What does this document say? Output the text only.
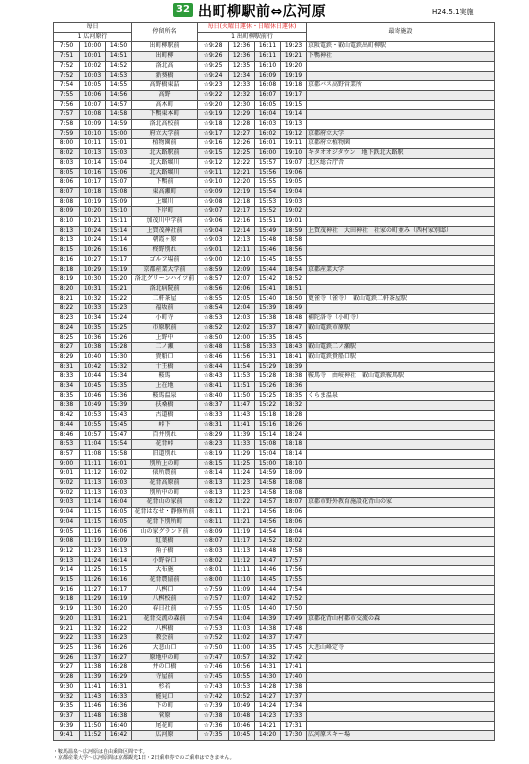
32 出町柳駅前⇔広河原	H24.5.1実施
毎日			停留所名	毎日(火曜日運休・日曜休日運休)				最寄施設
1 広河原行				1 出町柳駅前行				
7:50	10:00	14:50	出町柳駅前	☆9:28	12:36	16:11	19:23	京阪電鉄・叡山電鉄出町柳駅
7:51	10:01	14:51	出町柳	☆9:26	12:36	16:11	19:21	下鴨神社
7:52	10:02	14:52	洛北高	☆9:25	12:35	16:10	19:20	
7:52	10:03	14:53	新葵橋	☆9:24	12:34	16:09	19:19	
7:54	10:05	14:55	高野橋東詰	☆9:23	12:33	16:08	19:18	京都バス高野営業所
7:55	10:06	14:56	高野	☆9:22	12:32	16:07	19:17	
7:56	10:07	14:57	高木町	☆9:20	12:30	16:05	19:15	
7:57	10:08	14:58	下鴨東本町	☆9:19	12:29	16:04	19:14	
7:58	10:09	14:59	洛北高校前	☆9:18	12:28	16:03	19:13	
7:59	10:10	15:00	府立大学前	☆9:17	12:27	16:02	19:12	京都府立大学
8:00	10:11	15:01	植物園前	☆9:16	12:26	16:01	19:11	京都府立植物園
8:02	10:13	15:03	北大路駅前	☆9:15	12:25	16:00	19:10	キタオオジタウン　地下鉄北大路駅
8:03	10:14	15:04	北大路堀川	☆9:12	12:22	15:57	19:07	北区総合庁舎
8:05	10:16	15:06	北大路堀川	☆9:11	12:21	15:56	19:06	
8:06	10:17	15:07	下鴨前	☆9:10	12:20	15:55	19:05	
8:07	10:18	15:08	東高瀬町	☆9:09	12:19	15:54	19:04	
8:08	10:19	15:09	上堀川	☆9:08	12:18	15:53	19:03	
8:09	10:20	15:10	下岸町	☆9:07	12:17	15:52	19:02	
8:10	10:21	15:11	加茂川中学前	☆9:06	12:16	15:51	19:01	
8:13	10:24	15:14	上賀茂神社前	☆9:04	12:14	15:49	18:59	上賀茂神社　大田神社　社家の町並み（西村家別邸）
8:13	10:24	15:14	朝霞ヶ原	☆9:03	12:13	15:48	18:58	
8:15	10:26	15:16	柊野別れ	☆9:01	12:11	15:46	18:56	
8:16	10:27	15:17	ゴルフ場前	☆9:00	12:10	15:45	18:55	
8:18	10:29	15:19	京都産業大学前	☆8:59	12:09	15:44	18:54	京都産業大学
8:19	10:30	15:20	洛北グリーンハイツ前	☆8:57	12:07	15:42	18:52	
8:20	10:31	15:21	洛北病院前	☆8:56	12:06	15:41	18:51	
8:21	10:32	15:22	二軒茶屋	☆8:55	12:05	15:40	18:50	更雀寺（雀寺）　叡山電鉄二軒茶屋駅
8:22	10:33	15:23	福坂前	☆8:54	12:04	15:39	18:49	
8:23	10:34	15:24	小町寺	☆8:53	12:03	15:38	18:48	補陀洛寺（小町寺）
8:24	10:35	15:25	市原駅前	☆8:52	12:02	15:37	18:47	叡山電鉄市原駅
8:25	10:36	15:26	上野中	☆8:50	12:00	15:35	18:45	
8:27	10:38	15:28	二ノ瀬	☆8:48	11:58	15:33	18:43	叡山電鉄二ノ瀬駅
8:29	10:40	15:30	貴船口	☆8:46	11:56	15:31	18:41	叡山電鉄貴船口駅
8:31	10:42	15:32	十王橋	☆8:44	11:54	15:29	18:39	
8:33	10:44	15:34	鞍馬	☆8:43	11:53	15:28	18:38	鞍馬寺　由岐神社　叡山電鉄鞍馬駅
8:34	10:45	15:35	上在地	☆8:41	11:51	15:26	18:36	
8:35	10:46	15:36	鞍馬温泉	☆8:40	11:50	15:25	18:35	くらま温泉
8:38	10:49	15:39	扶桑橋	☆8:37	11:47	15:22	18:32	
8:42	10:53	15:43	古道橋	☆8:33	11:43	15:18	18:28	
8:44	10:55	15:45	峠下	☆8:31	11:41	15:16	18:26	
8:46	10:57	15:47	百井別れ	☆8:29	11:39	15:14	18:24	
8:53	11:04	15:54	花背峠	☆8:23	11:33	15:08	18:18	
8:57	11:08	15:58	旧道別れ	☆8:19	11:29	15:04	18:14	
9:00	11:11	16:01	別所上の町	☆8:15	11:25	15:00	18:10	
9:01	11:12	16:02	俵所農前	☆8:14	11:24	14:59	18:09	
9:02	11:13	16:03	花背高原前	☆8:13	11:23	14:58	18:08	
9:02	11:13	16:03	別所中の町	☆8:13	11:23	14:58	18:08	
9:03	11:14	16:04	花背山の家前	☆8:12	11:22	14:57	18:07	京都市野外教育施設花背山の家
9:04	11:15	16:05	花背はなせ・静修所前	☆8:11	11:21	14:56	18:06	
9:04	11:15	16:05	花背下別所町	☆8:11	11:21	14:56	18:06	
9:05	11:16	16:06	山の家グランド前	☆8:09	11:19	14:54	18:04	
9:08	11:19	16:09	紅葉橋	☆8:07	11:17	14:52	18:02	
9:12	11:23	16:13	角子橋	☆8:03	11:13	14:48	17:58	
9:13	11:24	16:14	小野谷口	☆8:02	11:12	14:47	17:57	
9:14	11:25	16:15	大布施	☆8:01	11:11	14:46	17:56	
9:15	11:26	16:16	花背農協前	☆8:00	11:10	14:45	17:55	
9:16	11:27	16:17	八桝口	☆7:59	11:09	14:44	17:54	
9:18	11:29	16:19	八桝校前	☆7:57	11:07	14:42	17:52	
9:19	11:30	16:20	春日社前	☆7:55	11:05	14:40	17:50	
9:20	11:31	16:21	花背交流の森前	☆7:54	11:04	14:39	17:49	京都花背山村都市交流の森
9:21	11:32	16:22	八桝橋	☆7:53	11:03	14:38	17:48	
9:22	11:33	16:23	教会前	☆7:52	11:02	14:37	17:47	
9:25	11:36	16:26	大悲山口	☆7:50	11:00	14:35	17:45	大悲山峰定寺
9:26	11:37	16:27	原地中の町	☆7:47	10:57	14:32	17:42	
9:27	11:38	16:28	井の口橋	☆7:46	10:56	14:31	17:41	
9:28	11:39	16:29	寺屋前	☆7:45	10:55	14:30	17:40	
9:30	11:41	16:31	杉若	☆7:43	10:53	14:28	17:38	
9:32	11:43	16:33	能見口	☆7:42	10:52	14:27	17:37	
9:35	11:46	16:36	下の町	☆7:39	10:49	14:24	17:34	
9:37	11:48	16:38	菅原	☆7:38	10:48	14:23	17:33	
9:39	11:50	16:40	尾花町	☆7:36	10:46	14:21	17:31	
9:41	11:52	16:42	広河原	☆7:35	10:45	14:20	17:30	広河原スキー場
・鞍馬温泉～広河原は自由乗降区間です。
・京都産業大学～広河原間は京都観光1日・2日乗車券でのご乗車はできません。
